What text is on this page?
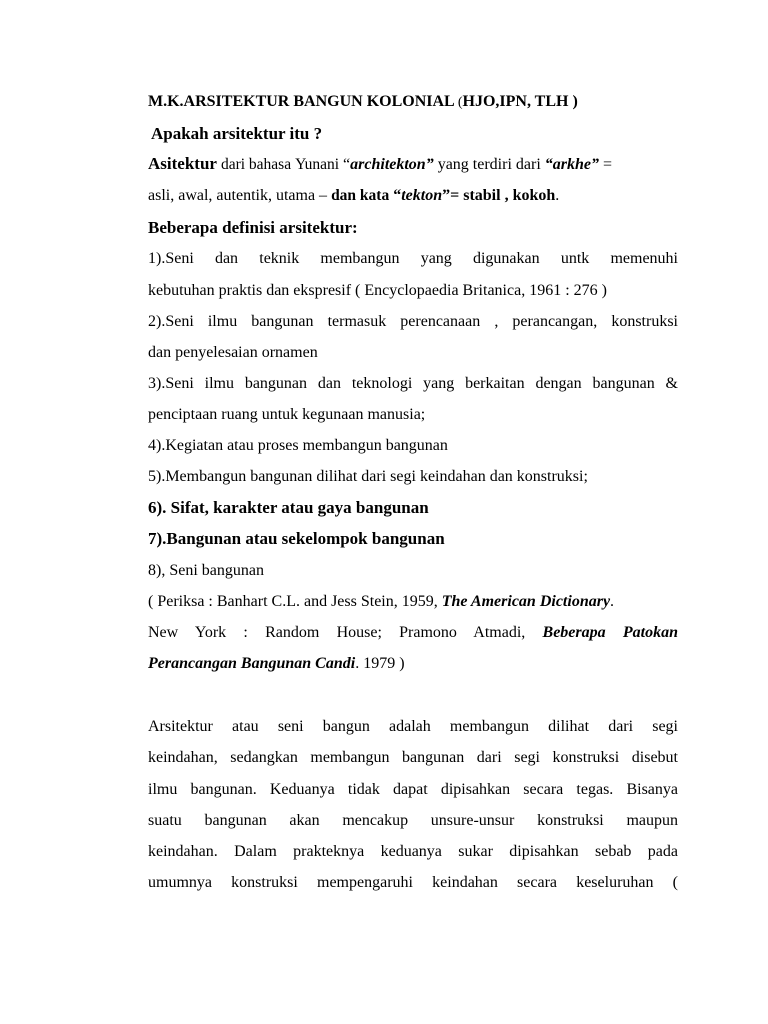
M.K.ARSITEKTUR BANGUN KOLONIAL (HJO,IPN, TLH )
Apakah arsitektur itu ?
Asitektur dari bahasa Yunani “architekton” yang terdiri dari “arkhe” =
asli, awal, autentik, utama – dan kata “tekton”= stabil , kokoh.
Beberapa definisi arsitektur:
1).Seni dan teknik membangun yang digunakan untk memenuhi
kebutuhan praktis dan ekspresif ( Encyclopaedia Britanica, 1961 : 276 )
2).Seni ilmu bangunan termasuk perencanaan , perancangan, konstruksi
dan penyelesaian ornamen
3).Seni ilmu bangunan dan teknologi yang berkaitan dengan bangunan &
penciptaan ruang untuk kegunaan manusia;
4).Kegiatan atau proses membangun bangunan
5).Membangun bangunan dilihat dari segi keindahan dan konstruksi;
6). Sifat, karakter atau gaya bangunan
7).Bangunan atau sekelompok bangunan
8), Seni bangunan
( Periksa : Banhart C.L. and Jess Stein, 1959, The American Dictionary.
New York : Random House; Pramono Atmadi, Beberapa Patokan
Perancangan Bangunan Candi. 1979 )
Arsitektur atau seni bangun adalah membangun dilihat dari segi
keindahan, sedangkan membangun bangunan dari segi konstruksi disebut
ilmu bangunan. Keduanya tidak dapat dipisahkan secara tegas. Bisanya
suatu bangunan akan mencakup unsure-unsur konstruksi maupun
keindahan. Dalam prakteknya keduanya sukar dipisahkan sebab pada
umumnya konstruksi mempengaruhi keindahan secara keseluruhan (
